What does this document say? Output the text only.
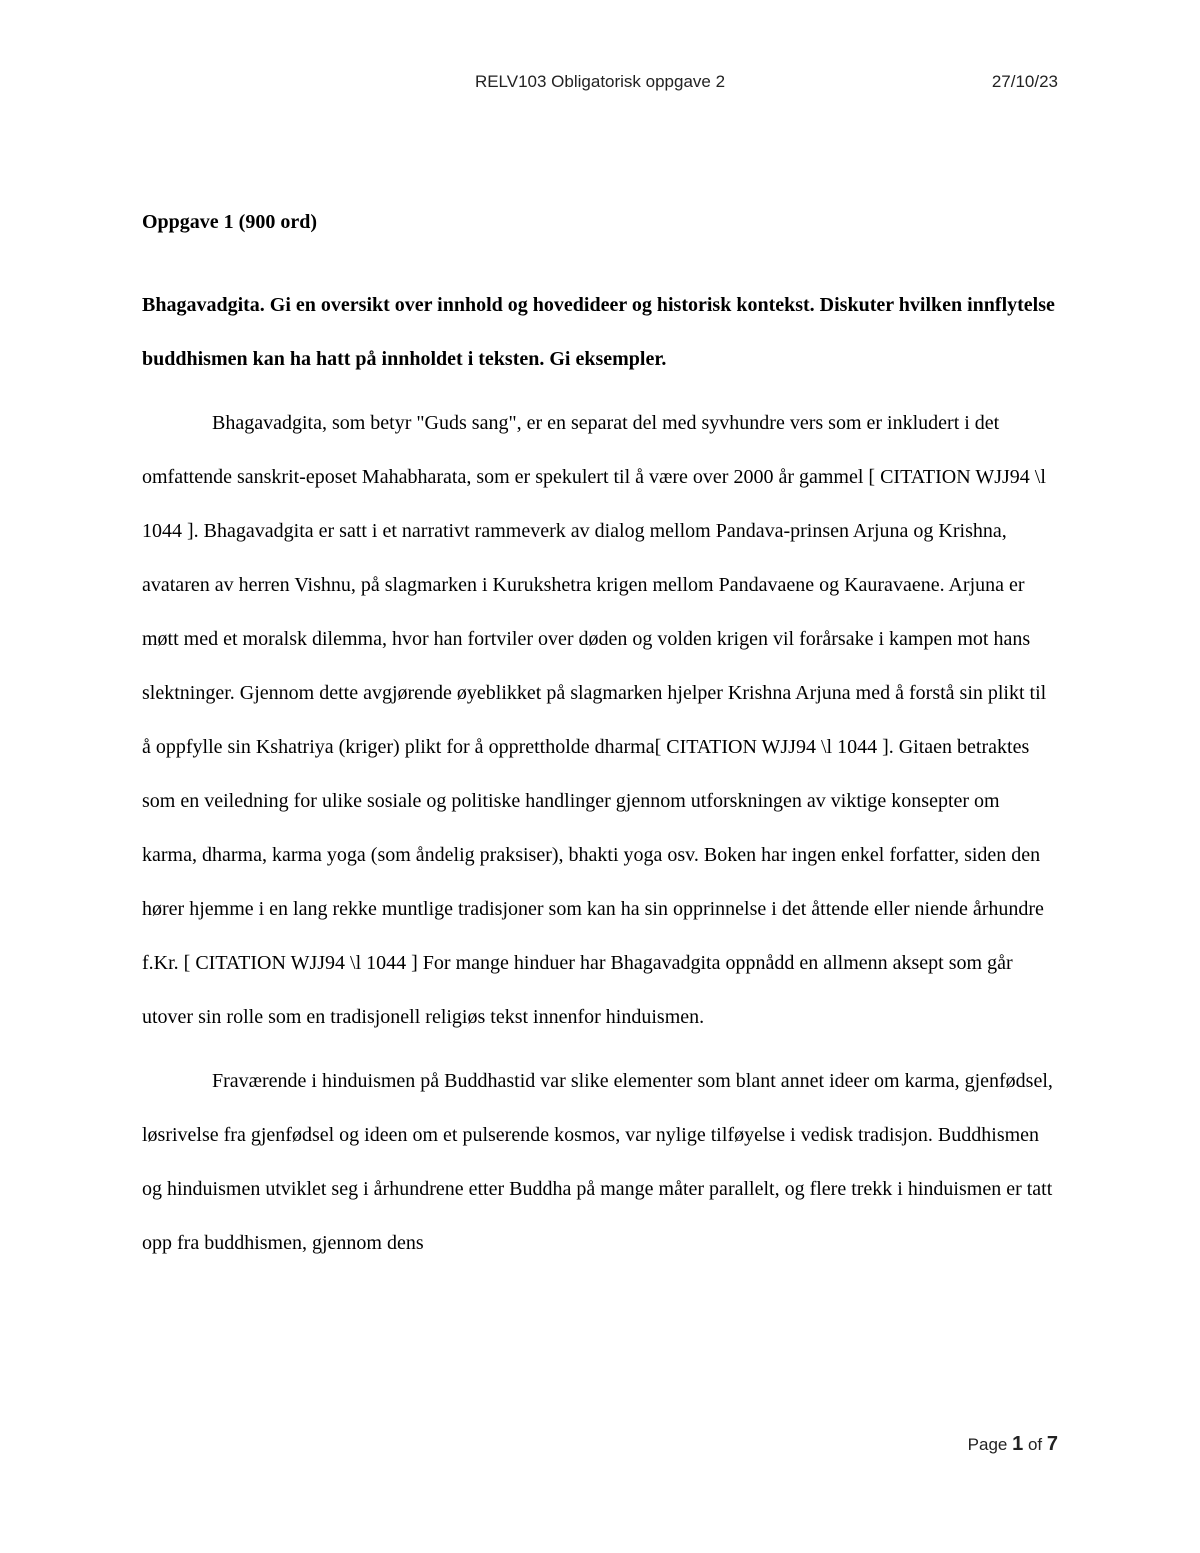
RELV103 Obligatorisk oppgave 2	27/10/23

Oppgave 1 (900 ord)

Bhagavadgita. Gi en oversikt over innhold og hovedideer og historisk kontekst. Diskuter hvilken innflytelse buddhismen kan ha hatt på innholdet i teksten. Gi eksempler.

Bhagavadgita, som betyr "Guds sang", er en separat del med syvhundre vers som er inkludert i det omfattende sanskrit-eposet Mahabharata, som er spekulert til å være over 2000 år gammel [ CITATION WJJ94 \l 1044 ]. Bhagavadgita er satt i et narrativt rammeverk av dialog mellom Pandava-prinsen Arjuna og Krishna, avataren av herren Vishnu, på slagmarken i Kurukshetra krigen mellom Pandavaene og Kauravaene. Arjuna er møtt med et moralsk dilemma, hvor han fortviler over døden og volden krigen vil forårsake i kampen mot hans slektninger. Gjennom dette avgjørende øyeblikket på slagmarken hjelper Krishna Arjuna med å forstå sin plikt til å oppfylle sin Kshatriya (kriger) plikt for å opprettholde dharma[ CITATION WJJ94 \l 1044 ]. Gitaen betraktes som en veiledning for ulike sosiale og politiske handlinger gjennom utforskningen av viktige konsepter om karma, dharma, karma yoga (som åndelig praksiser), bhakti yoga osv. Boken har ingen enkel forfatter, siden den hører hjemme i en lang rekke muntlige tradisjoner som kan ha sin opprinnelse i det åttende eller niende århundre f.Kr. [ CITATION WJJ94 \l 1044 ] For mange hinduer har Bhagavadgita oppnådd en allmenn aksept som går utover sin rolle som en tradisjonell religiøs tekst innenfor hinduismen.

Fraværende i hinduismen på Buddhastid var slike elementer som blant annet ideer om karma, gjenfødsel, løsrivelse fra gjenfødsel og ideen om et pulserende kosmos, var nylige tilføyelse i vedisk tradisjon. Buddhismen og hinduismen utviklet seg i århundrene etter Buddha på mange måter parallelt, og flere trekk i hinduismen er tatt opp fra buddhismen, gjennom dens

Page 1 of 7
